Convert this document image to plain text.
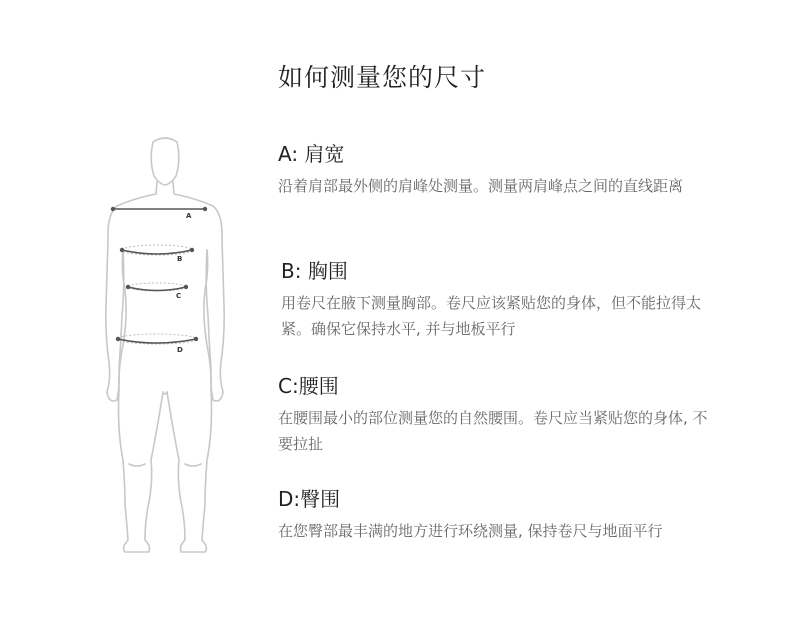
如何测量您的尺寸
A
B
C
D
A: 肩宽
沿着肩部最外侧的肩峰处测量。测量两肩峰点之间的直线距离
B: 胸围
用卷尺在腋下测量胸部。卷尺应该紧贴您的身体，但不能拉得太紧。确保它保持水平, 并与地板平行
C:腰围
在腰围最小的部位测量您的自然腰围。卷尺应当紧贴您的身体, 不要拉扯
D:臀围
在您臀部最丰满的地方进行环绕测量, 保持卷尺与地面平行
